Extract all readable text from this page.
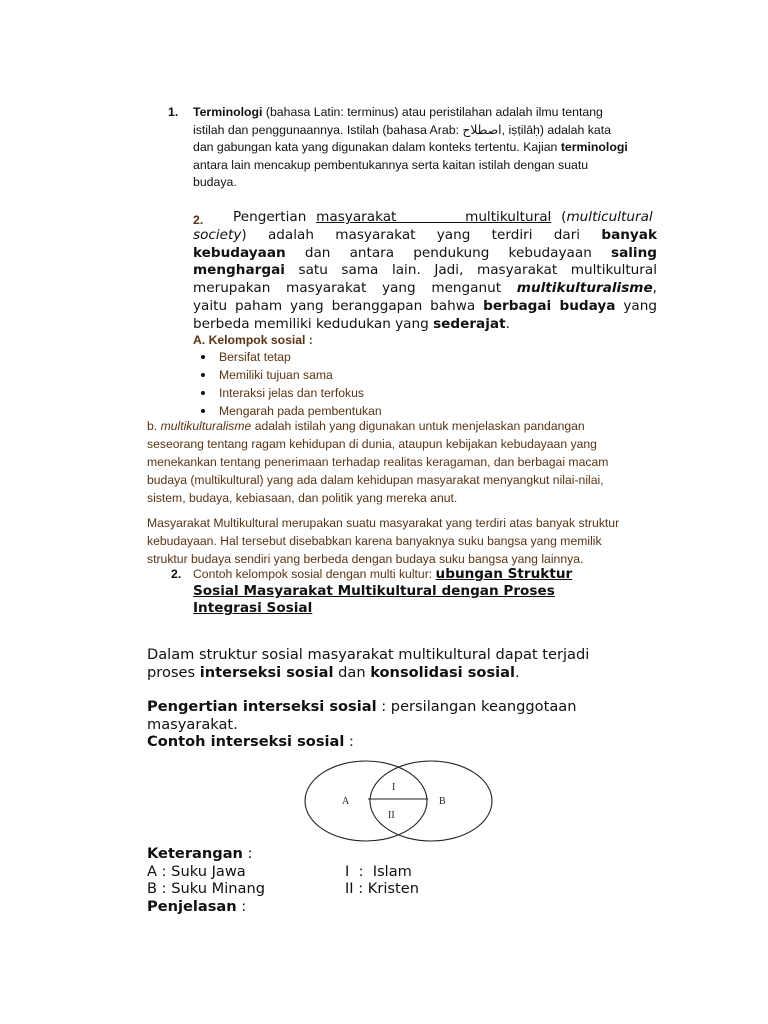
1. Terminologi (bahasa Latin: terminus) atau peristilahan adalah ilmu tentang
istilah dan penggunaannya. Istilah (bahasa Arab: اصطلاح, iṣṭilāḥ) adalah kata
dan gabungan kata yang digunakan dalam konteks tertentu. Kajian terminologi
antara lain mencakup pembentukannya serta kaitan istilah dengan suatu
budaya.
2.	Pengertian masyarakat	multikultural (multicultural
society) adalah masyarakat yang terdiri dari banyak
kebudayaan dan antara pendukung kebudayaan saling
menghargai satu sama lain. Jadi, masyarakat multikultural
merupakan masyarakat yang menganut multikulturalisme,
yaitu paham yang beranggapan bahwa berbagai budaya yang
berbeda memiliki kedudukan yang sederajat.
A. Kelompok sosial :
Bersifat tetap
Memiliki tujuan sama
Interaksi jelas dan terfokus
Mengarah pada pembentukan
b. multikulturalisme adalah istilah yang digunakan untuk menjelaskan pandangan
seseorang tentang ragam kehidupan di dunia, ataupun kebijakan kebudayaan yang
menekankan tentang penerimaan terhadap realitas keragaman, dan berbagai macam
budaya (multikultural) yang ada dalam kehidupan masyarakat menyangkut nilai-nilai,
sistem, budaya, kebiasaan, dan politik yang mereka anut.
Masyarakat Multikultural merupakan suatu masyarakat yang terdiri atas banyak struktur
kebudayaan. Hal tersebut disebabkan karena banyaknya suku bangsa yang memilik
struktur budaya sendiri yang berbeda dengan budaya suku bangsa yang lainnya.
2. Contoh kelompok sosial dengan multi kultur: ubungan Struktur
Sosial Masyarakat Multikultural dengan Proses
Integrasi Sosial
Dalam struktur sosial masyarakat multikultural dapat terjadi
proses interseksi sosial dan konsolidasi sosial.
Pengertian interseksi sosial : persilangan keanggotaan
masyarakat.
Contoh interseksi sosial :
A	B
I
II
Keterangan :
A : Suku Jawa	I  :  Islam
B : Suku Minang	II : Kristen
Penjelasan :
